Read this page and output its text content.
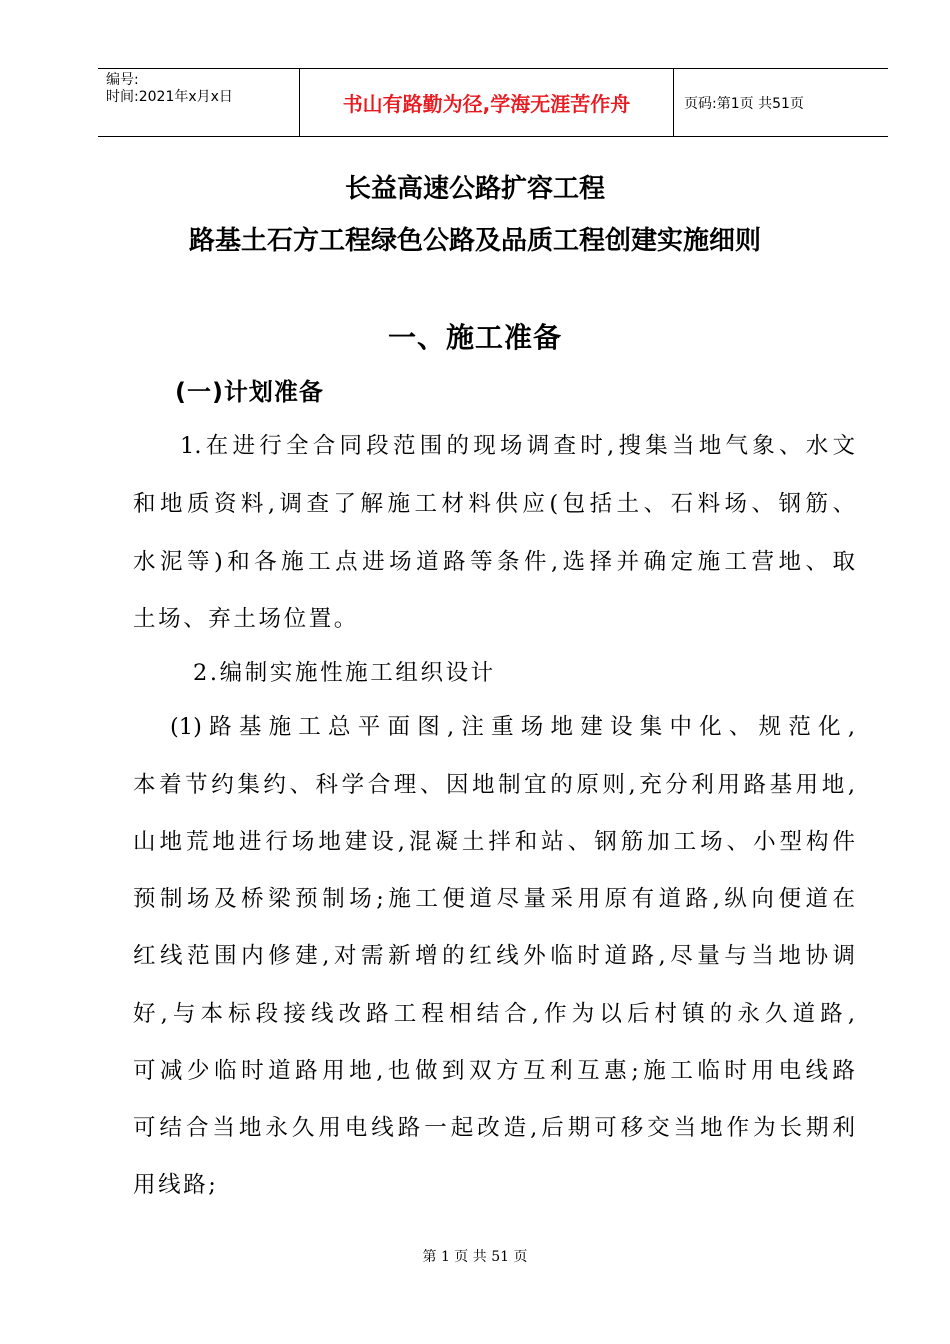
编号:
时间:2021年x月x日	书山有路勤为径,学海无涯苦作舟	页码:第1页 共51页
长益高速公路扩容工程
路基土石方工程绿色公路及品质工程创建实施细则
一、施工准备
(一)计划准备
1.在进行全合同段范围的现场调查时,搜集当地气象、水文
和地质资料,调查了解施工材料供应(包括土、石料场、钢筋、
水泥等)和各施工点进场道路等条件,选择并确定施工营地、取
土场、弃土场位置。
2.编制实施性施工组织设计
(1)路基施工总平面图,注重场地建设集中化、规范化,
本着节约集约、科学合理、因地制宜的原则,充分利用路基用地,
山地荒地进行场地建设,混凝土拌和站、钢筋加工场、小型构件
预制场及桥梁预制场;施工便道尽量采用原有道路,纵向便道在
红线范围内修建,对需新增的红线外临时道路,尽量与当地协调
好,与本标段接线改路工程相结合,作为以后村镇的永久道路,
可减少临时道路用地,也做到双方互利互惠;施工临时用电线路
可结合当地永久用电线路一起改造,后期可移交当地作为长期利
用线路;
第 1 页 共 51 页
